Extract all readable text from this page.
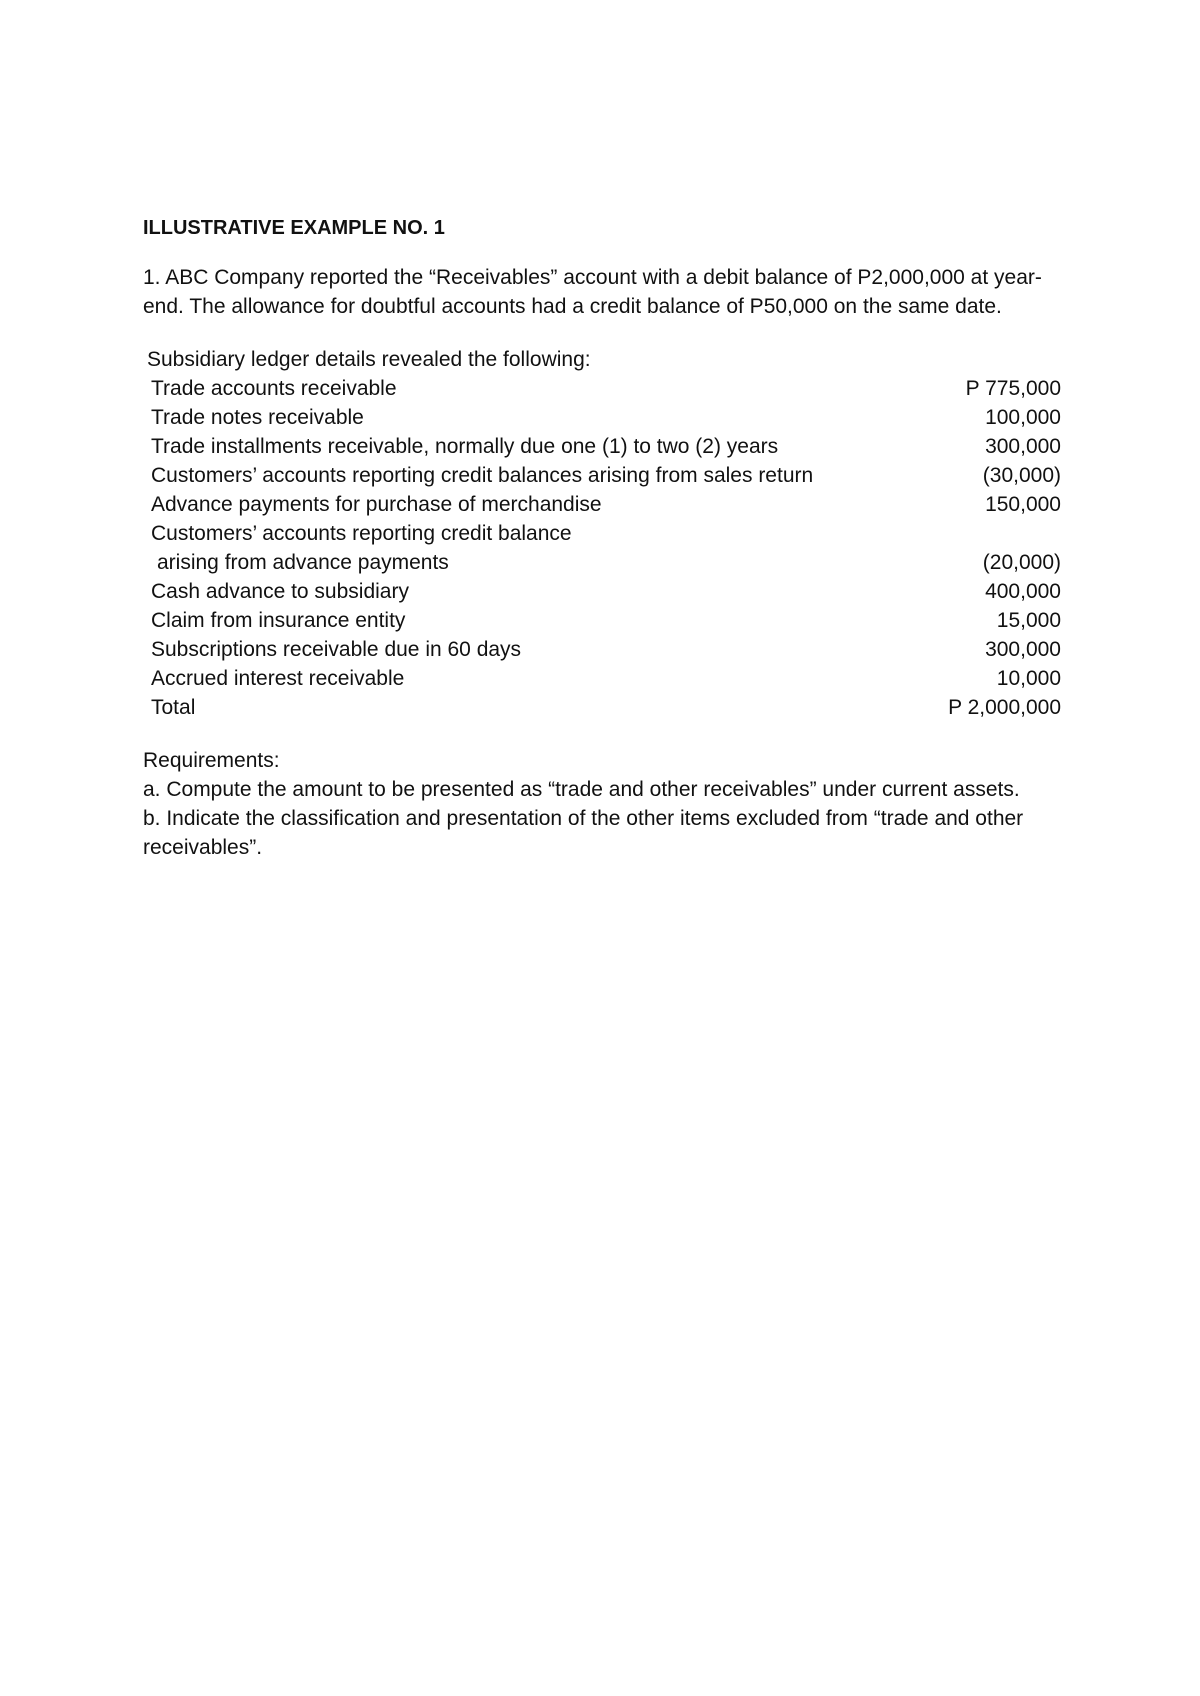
ILLUSTRATIVE EXAMPLE NO. 1
1. ABC Company reported the “Receivables” account with a debit balance of P2,000,000 at year-end. The allowance for doubtful accounts had a credit balance of P50,000 on the same date.
Subsidiary ledger details revealed the following:
Trade accounts receivable	P 775,000
Trade notes receivable	100,000
Trade installments receivable, normally due one (1) to two (2) years	300,000
Customers’ accounts reporting credit balances arising from sales return	(30,000)
Advance payments for purchase of merchandise	150,000
Customers’ accounts reporting credit balance
arising from advance payments	(20,000)
Cash advance to subsidiary	400,000
Claim from insurance entity	15,000
Subscriptions receivable due in 60 days	300,000
Accrued interest receivable	10,000
Total	P 2,000,000
Requirements:
a. Compute the amount to be presented as “trade and other receivables” under current assets.
b. Indicate the classification and presentation of the other items excluded from “trade and other receivables”.
